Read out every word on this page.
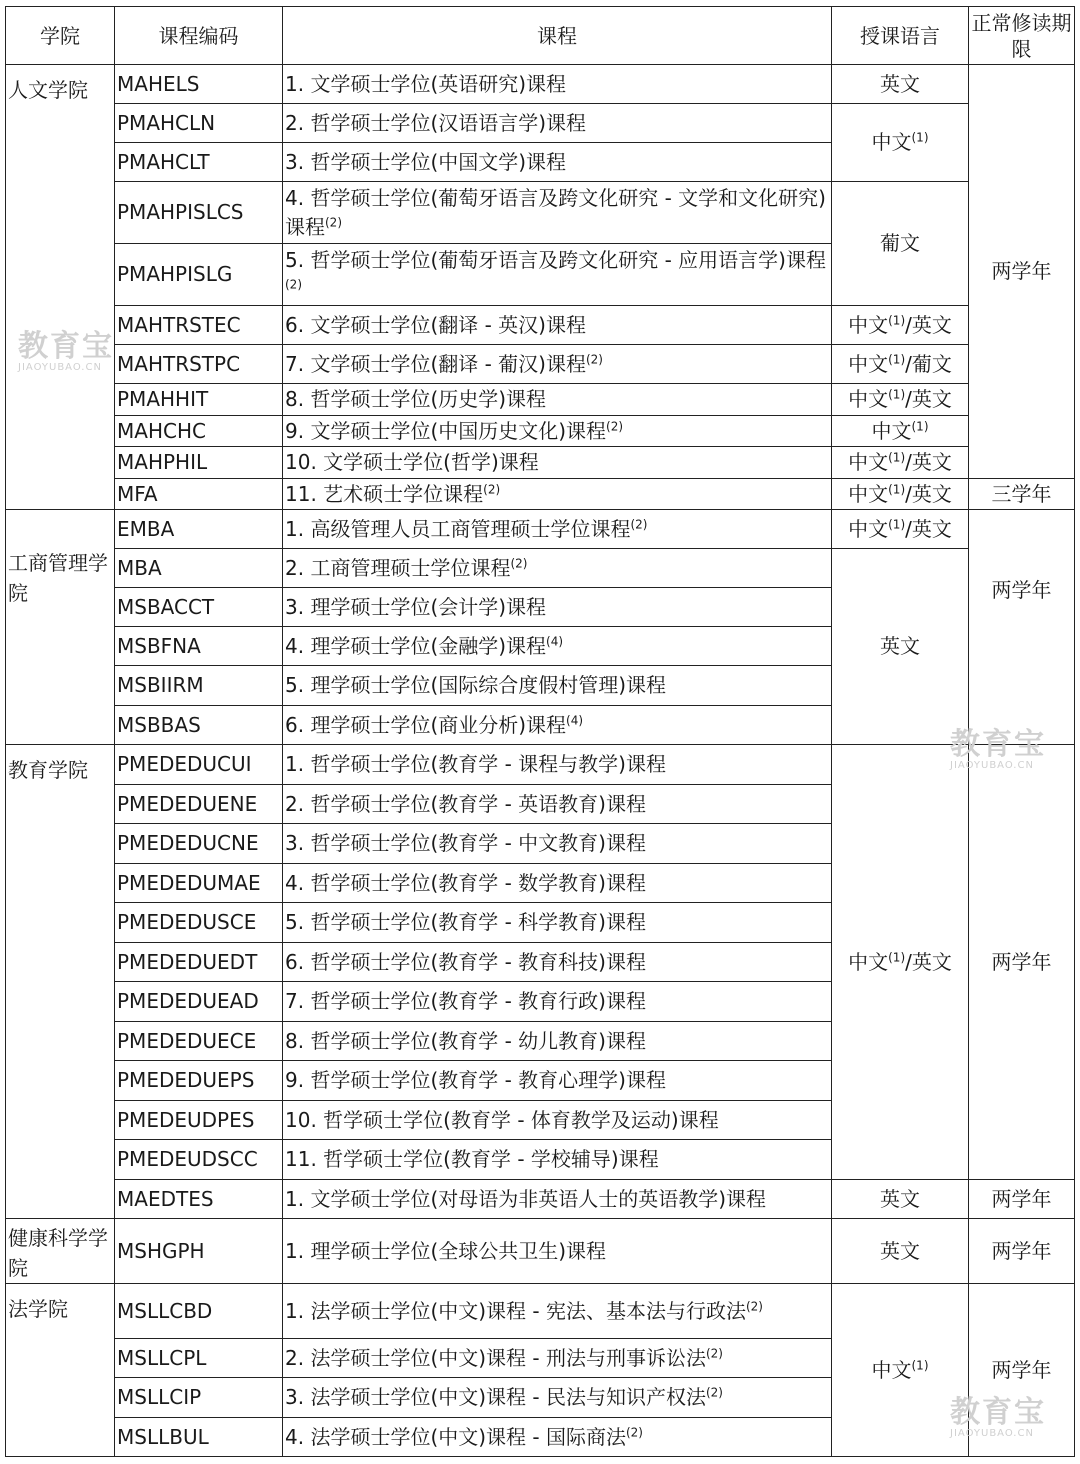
学院	课程编码	课程	授课语言	正常修读期限
人文学院	MAHELS	1. 文学硕士学位(英语研究)课程	英文	两学年
	PMAHCLN	2. 哲学硕士学位(汉语语言学)课程	中文$^{(1)}$
	PMAHCLT	3. 哲学硕士学位(中国文学)课程		
	PMAHPISLCS	4. 哲学硕士学位(葡萄牙语言及跨文化研究 - 文学和文化研究)课程$^{(2)}$	葡文	
	PMAHPISLG	5. 哲学硕士学位(葡萄牙语言及跨文化研究 - 应用语言学)课程$^{(2)}$
	MAHTRSTEC	6. 文学硕士学位(翻译 - 英汉)课程	中文$^{(1)}$/英文	
	MAHTRSTPC	7. 文学硕士学位(翻译 - 葡汉)课程$^{(2)}$	中文$^{(1)}$/葡文	
	PMAHHIT	8. 哲学硕士学位(历史学)课程	中文$^{(1)}$/英文	
	MAHCHC	9. 文学硕士学位(中国历史文化)课程$^{(2)}$	中文$^{(1)}$
	MAHPHIL	10. 文学硕士学位(哲学)课程	中文$^{(1)}$/英文	
	MFA	11. 艺术硕士学位课程$^{(2)}$	中文$^{(1)}$/英文	三学年
工商管理学院	EMBA	1. 高级管理人员工商管理硕士学位课程$^{(2)}$	中文$^{(1)}$/英文	两学年
	MBA	2. 工商管理硕士学位课程$^{(2)}$	英文	
	MSBACCT	3. 理学硕士学位(会计学)课程		
	MSBFNA	4. 理学硕士学位(金融学)课程$^{(4)}$
	MSBIIRM	5. 理学硕士学位(国际综合度假村管理)课程		
	MSBBAS	6. 理学硕士学位(商业分析)课程$^{(4)}$
教育学院	PMEDEDUCUI	1. 哲学硕士学位(教育学 - 课程与教学)课程	中文$^{(1)}$/英文	两学年
	PMEDEDUENE	2. 哲学硕士学位(教育学 - 英语教育)课程		
	PMEDEDUCNE	3. 哲学硕士学位(教育学 - 中文教育)课程		
	PMEDEDUMAE	4. 哲学硕士学位(教育学 - 数学教育)课程		
	PMEDEDUSCE	5. 哲学硕士学位(教育学 - 科学教育)课程		
	PMEDEDUEDT	6. 哲学硕士学位(教育学 - 教育科技)课程		
	PMEDEDUEAD	7. 哲学硕士学位(教育学 - 教育行政)课程		
	PMEDEDUECE	8. 哲学硕士学位(教育学 - 幼儿教育)课程		
	PMEDEDUEPS	9. 哲学硕士学位(教育学 - 教育心理学)课程		
	PMEDEUDPES	10. 哲学硕士学位(教育学 - 体育教学及运动)课程		
	PMEDEUDSCC	11. 哲学硕士学位(教育学 - 学校辅导)课程		
	MAEDTES	1. 文学硕士学位(对母语为非英语人士的英语教学)课程	英文	两学年
健康科学学院	MSHGPH	1. 理学硕士学位(全球公共卫生)课程	英文	两学年
法学院	MSLLCBD	1. 法学硕士学位(中文)课程 - 宪法、基本法与行政法$^{(2)}$	中文$^{(1)}$	两学年
	MSLLCPL	2. 法学硕士学位(中文)课程 - 刑法与刑事诉讼法$^{(2)}$
	MSLLCIP	3. 法学硕士学位(中文)课程 - 民法与知识产权法$^{(2)}$
	MSLLBUL	4. 法学硕士学位(中文)课程 - 国际商法$^{(2)}$
教育宝
JIAOYUBAO.CN
教育宝
JIAOYUBAO.CN
教育宝
JIAOYUBAO.CN
